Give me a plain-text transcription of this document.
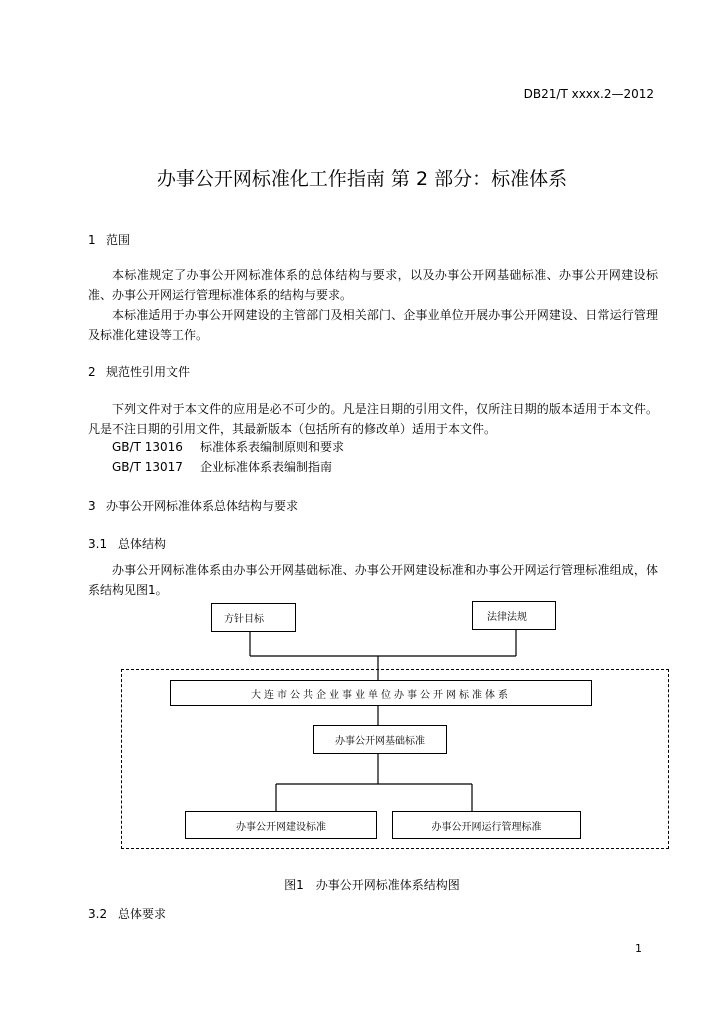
DB21/T xxxx.2—2012
办事公开网标准化工作指南 第 2 部分：标准体系
1 范围
本标准规定了办事公开网标准体系的总体结构与要求，以及办事公开网基础标准、办事公开网建设标准、办事公开网运行管理标准体系的结构与要求。
本标准适用于办事公开网建设的主管部门及相关部门、企事业单位开展办事公开网建设、日常运行管理及标准化建设等工作。
2 规范性引用文件
下列文件对于本文件的应用是必不可少的。凡是注日期的引用文件，仅所注日期的版本适用于本文件。凡是不注日期的引用文件，其最新版本（包括所有的修改单）适用于本文件。
GB/T 13016 标准体系表编制原则和要求
GB/T 13017 企业标准体系表编制指南
3 办事公开网标准体系总体结构与要求
3.1 总体结构
办事公开网标准体系由办事公开网基础标准、办事公开网建设标准和办事公开网运行管理标准组成，体系结构见图1。
方针目标	法律法规
大连市公共企业事业单位办事公开网标准体系
办事公开网基础标准
办事公开网建设标准	办事公开网运行管理标准
图1　办事公开网标准体系结构图
3.2 总体要求
1
